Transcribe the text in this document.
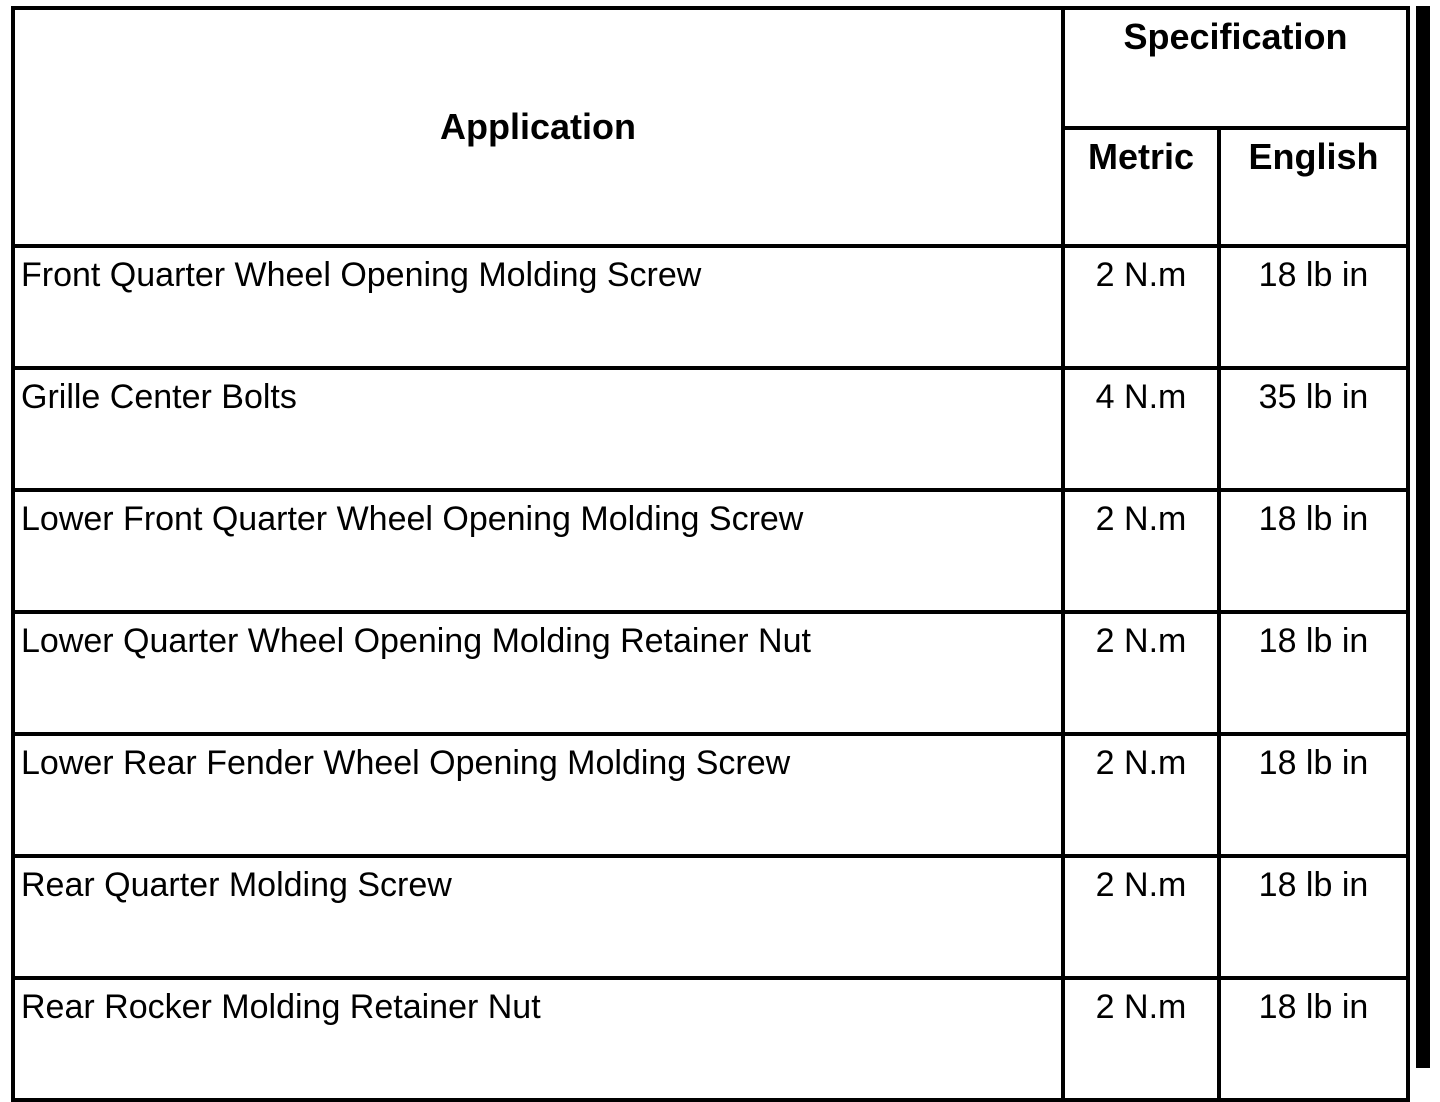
Application	Specification	
	Metric	English
Front Quarter Wheel Opening Molding Screw	2 N.m	18 lb in
Grille Center Bolts	4 N.m	35 lb in
Lower Front Quarter Wheel Opening Molding Screw	2 N.m	18 lb in
Lower Quarter Wheel Opening Molding Retainer Nut	2 N.m	18 lb in
Lower Rear Fender Wheel Opening Molding Screw	2 N.m	18 lb in
Rear Quarter Molding Screw	2 N.m	18 lb in
Rear Rocker Molding Retainer Nut	2 N.m	18 lb in
